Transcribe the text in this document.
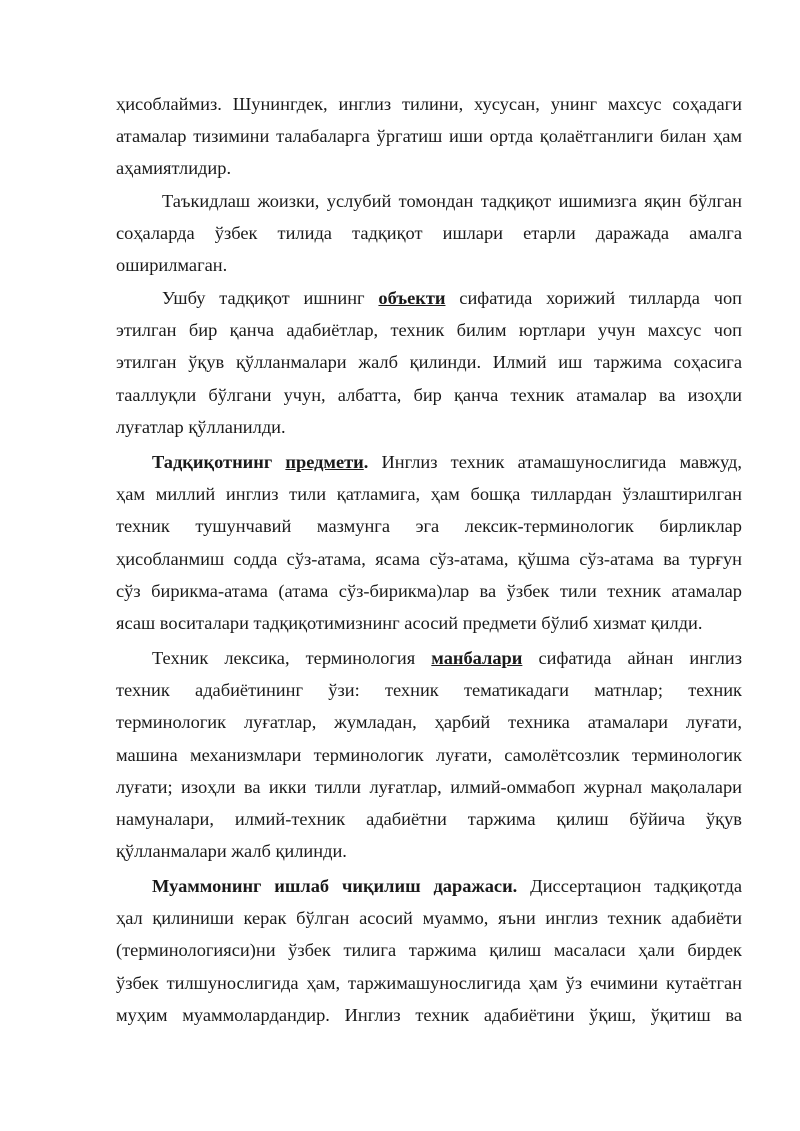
ҳисоблаймиз. Шунингдек, инглиз тилини, хусусан, унинг махсус соҳадаги
атамалар тизимини талабаларга ўргатиш иши ортда қолаётганлиги билан ҳам
аҳамиятлидир.
Таъкидлаш жоизки, услубий томондан тадқиқот ишимизга яқин бўлган
соҳаларда ўзбек тилида тадқиқот ишлари етарли даражада амалга
оширилмаган.
Ушбу тадқиқот ишнинг объекти сифатида хорижий тилларда чоп
этилган бир қанча адабиётлар, техник билим юртлари учун махсус чоп
этилган ўқув қўлланмалари жалб қилинди. Илмий иш таржима соҳасига
тааллуқли бўлгани учун, албатта, бир қанча техник атамалар ва изоҳли
луғатлар қўлланилди.
Тадқиқотнинг предмети. Инглиз техник атамашунослигида мавжуд,
ҳам миллий инглиз тили қатламига, ҳам бошқа тиллардан ўзлаштирилган
техник тушунчавий мазмунга эга лексик-терминологик бирликлар
ҳисобланмиш содда сўз-атама, ясама сўз-атама, қўшма сўз-атама ва турғун
сўз бирикма-атама (атама сўз-бирикма)лар ва ўзбек тили техник атамалар
ясаш воситалари тадқиқотимизнинг асосий предмети бўлиб хизмат қилди.
Техник лексика, терминология манбалари сифатида айнан инглиз
техник адабиётининг ўзи: техник тематикадаги матнлар; техник
терминологик луғатлар, жумладан, ҳарбий техника атамалари луғати,
машина механизмлари терминологик луғати, самолётсозлик терминологик
луғати; изоҳли ва икки тилли луғатлар, илмий-оммабоп журнал мақолалари
намуналари, илмий-техник адабиётни таржима қилиш бўйича ўқув
қўлланмалари жалб қилинди.
Муаммонинг ишлаб чиқилиш даражаси. Диссертацион тадқиқотда
ҳал қилиниши керак бўлган асосий муаммо, яъни инглиз техник адабиёти
(терминологияси)ни ўзбек тилига таржима қилиш масаласи ҳали бирдек
ўзбек тилшунослигида ҳам, таржимашунослигида ҳам ўз ечимини кутаётган
муҳим муаммолардандир. Инглиз техник адабиётини ўқиш, ўқитиш ва
